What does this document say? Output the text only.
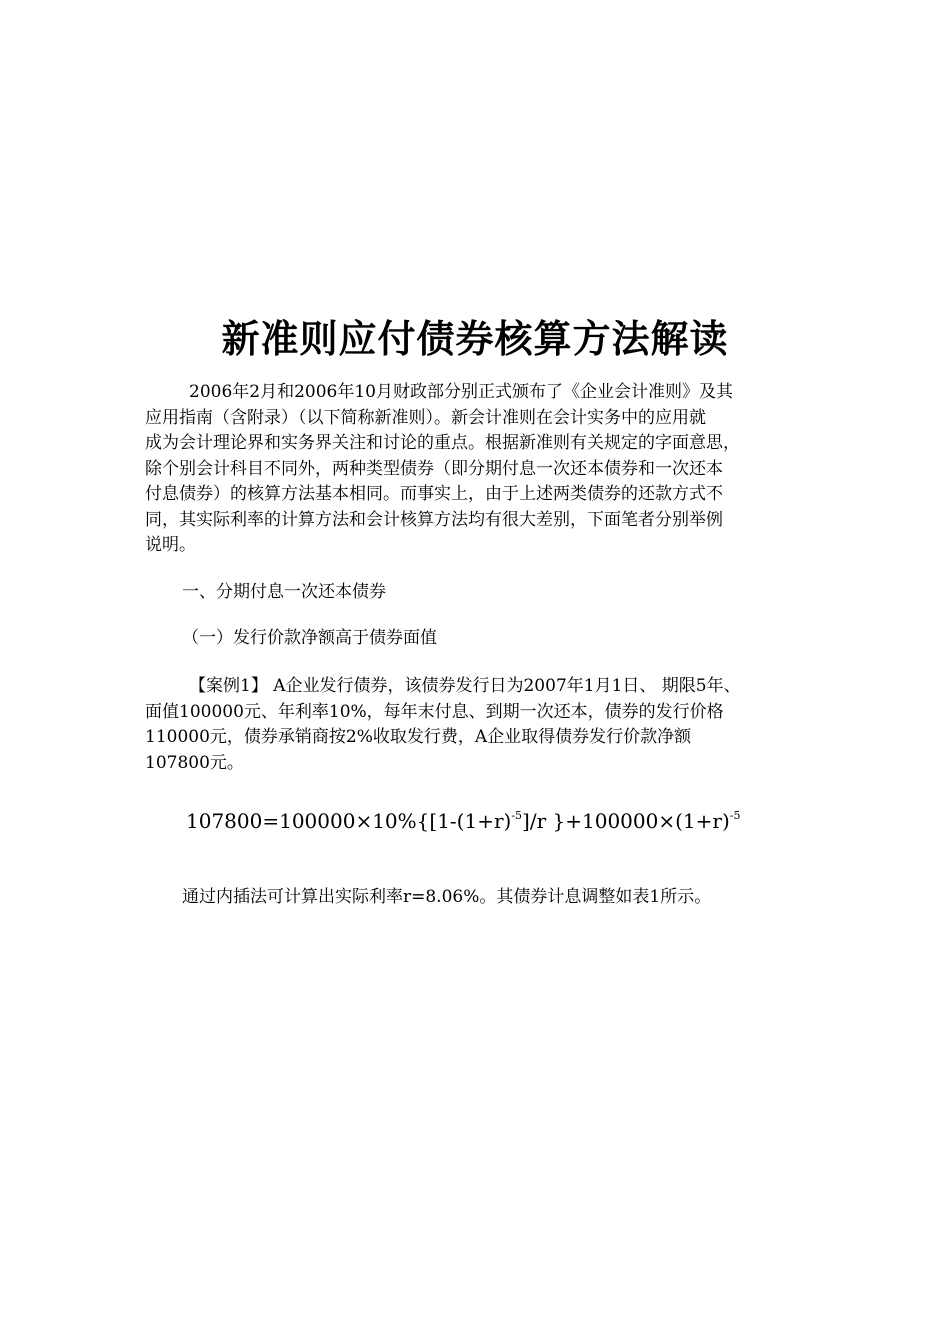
新准则应付债券核算方法解读

2006年2月和2006年10月财政部分别正式颁布了《企业会计准则》及其
应用指南（含附录）（以下简称新准则）。新会计准则在会计实务中的应用就
成为会计理论界和实务界关注和讨论的重点。根据新准则有关规定的字面意思，
除个别会计科目不同外，两种类型债券（即分期付息一次还本债券和一次还本
付息债券）的核算方法基本相同。而事实上，由于上述两类债券的还款方式不
同，其实际利率的计算方法和会计核算方法均有很大差别，下面笔者分别举例
说明。

一、分期付息一次还本债券

（一）发行价款净额高于债券面值

【案例1】 A企业发行债券，该债券发行日为2007年1月1日、 期限5年、
面值100000元、年利率10%，每年末付息、到期一次还本，债券的发行价格
110000元，债券承销商按2%收取发行费，A企业取得债券发行价款净额
107800元。

$107800=100000\times 10\%\{[1-(1+r)^{-5}]/r$ }$+100000\times(1+r)^{-5}$

通过内插法可计算出实际利率r=8.06%。其债券计息调整如表1所示。
